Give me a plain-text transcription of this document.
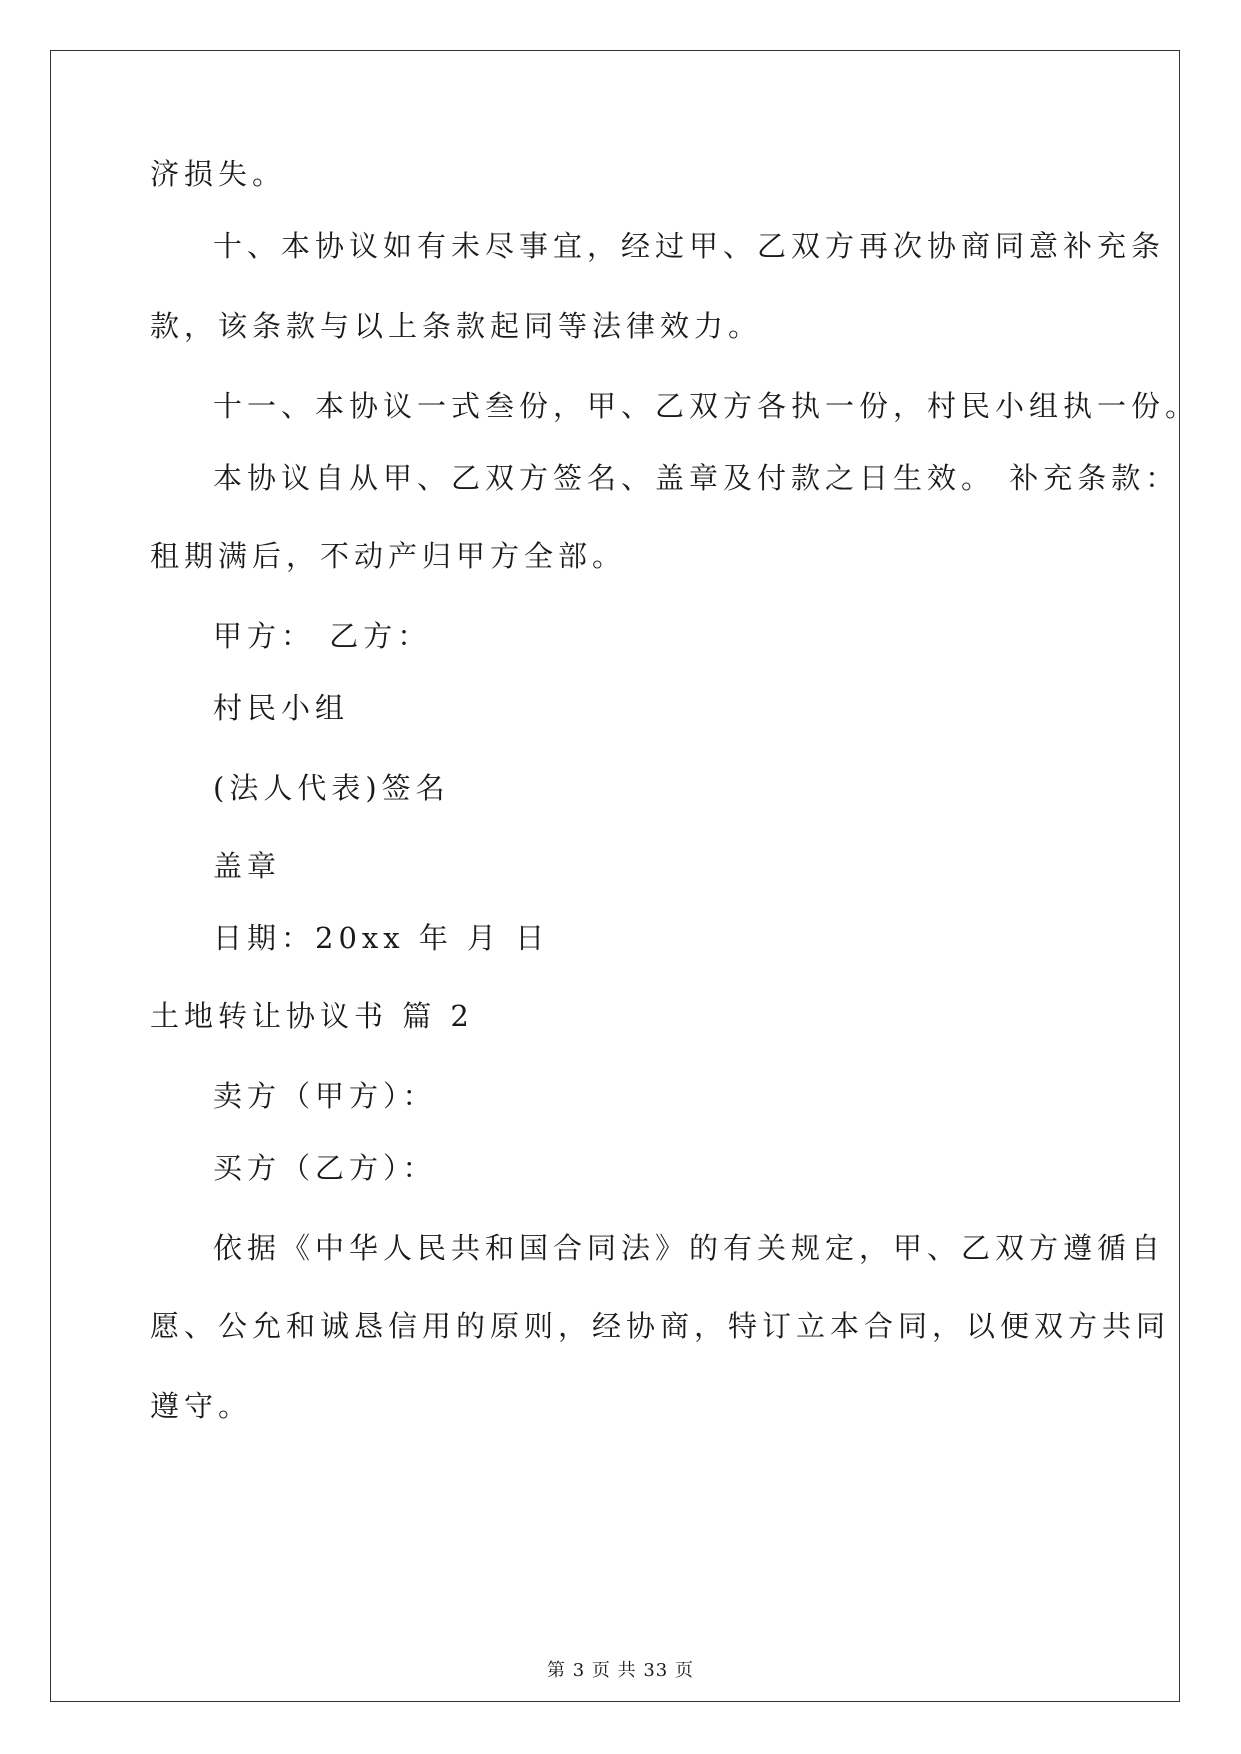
济损失。
十、本协议如有未尽事宜，经过甲、乙双方再次协商同意补充条
款，该条款与以上条款起同等法律效力。
十一、本协议一式叁份，甲、乙双方各执一份，村民小组执一份。
本协议自从甲、乙双方签名、盖章及付款之日生效。 补充条款：
租期满后，不动产归甲方全部。
甲方： 乙方：
村民小组
(法人代表)签名
盖章
日期：20xx 年 月 日
土地转让协议书 篇 2
卖方（甲方）：
买方（乙方）：
依据《中华人民共和国合同法》的有关规定，甲、乙双方遵循自
愿、公允和诚恳信用的原则，经协商，特订立本合同，以便双方共同
遵守。
第 3 页 共 33 页
